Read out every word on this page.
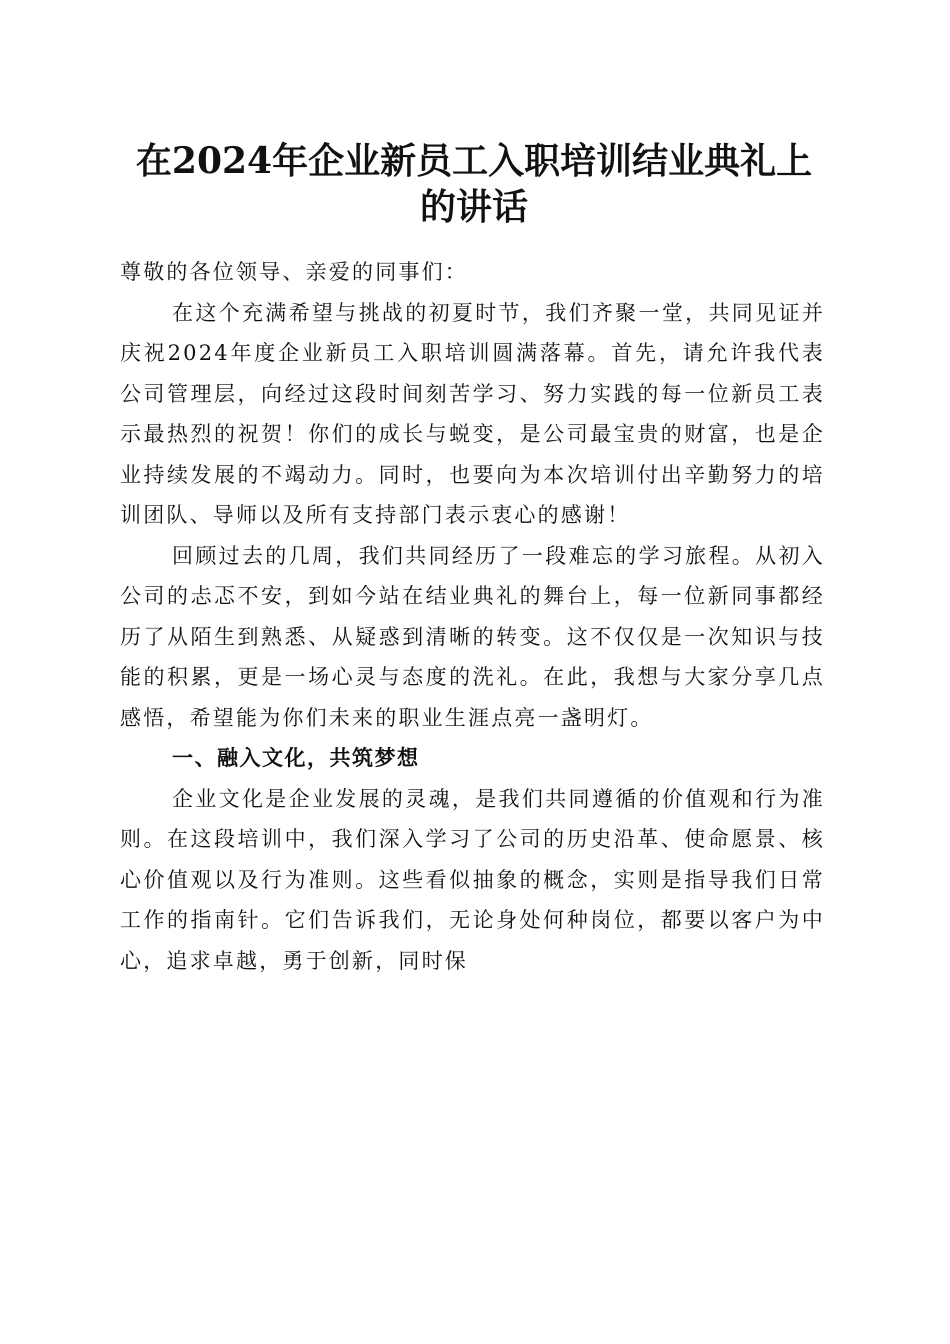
在2024年企业新员工入职培训结业典礼上的讲话

尊敬的各位领导、亲爱的同事们：

在这个充满希望与挑战的初夏时节，我们齐聚一堂，共同见证并庆祝2024年度企业新员工入职培训圆满落幕。首先，请允许我代表公司管理层，向经过这段时间刻苦学习、努力实践的每一位新员工表示最热烈的祝贺！你们的成长与蜕变，是公司最宝贵的财富，也是企业持续发展的不竭动力。同时，也要向为本次培训付出辛勤努力的培训团队、导师以及所有支持部门表示衷心的感谢！

回顾过去的几周，我们共同经历了一段难忘的学习旅程。从初入公司的忐忑不安，到如今站在结业典礼的舞台上，每一位新同事都经历了从陌生到熟悉、从疑惑到清晰的转变。这不仅仅是一次知识与技能的积累，更是一场心灵与态度的洗礼。在此，我想与大家分享几点感悟，希望能为你们未来的职业生涯点亮一盏明灯。

一、融入文化，共筑梦想

企业文化是企业发展的灵魂，是我们共同遵循的价值观和行为准则。在这段培训中，我们深入学习了公司的历史沿革、使命愿景、核心价值观以及行为准则。这些看似抽象的概念，实则是指导我们日常工作的指南针。它们告诉我们，无论身处何种岗位，都要以客户为中心，追求卓越，勇于创新，同时保
